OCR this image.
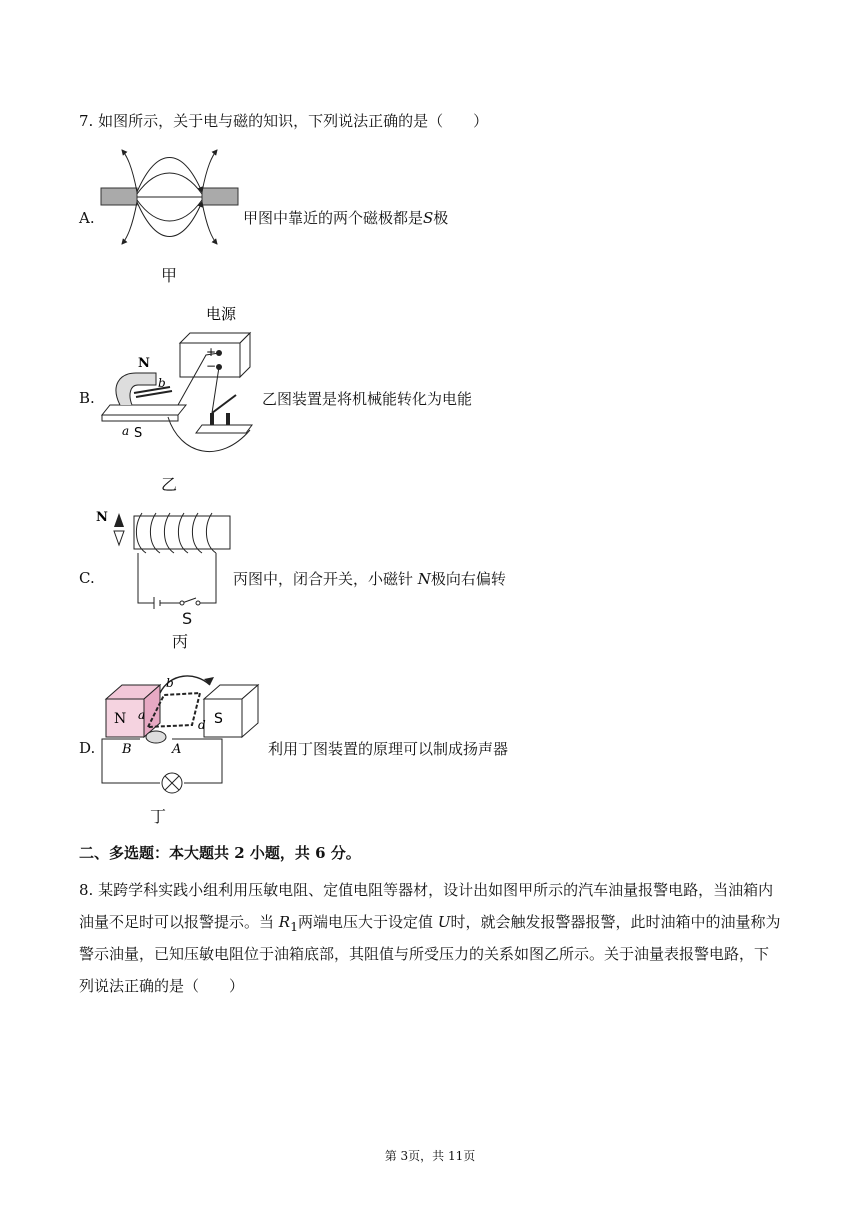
7. 如图所示，关于电与磁的知识，下列说法正确的是（　　）
A.	甲图中靠近的两个磁极都是S极
甲
B.
电源
+
−
N
b
a S
乙图装置是将机械能转化为电能
乙
C.
N
S
丙图中，闭合开关，小磁针 N极向右偏转
丙
D.
N	S
b
a
d
B	A	利用丁图装置的原理可以制成扬声器
丁
二、多选题：本大题共 2 小题，共 6 分。
8. 某跨学科实践小组利用压敏电阻、定值电阻等器材，设计出如图甲所示的汽车油量报警电路，当油箱内
油量不足时可以报警提示。当 $R_1$两端电压大于设定值 U时，就会触发报警器报警，此时油箱中的油量称为
警示油量，已知压敏电阻位于油箱底部，其阻值与所受压力的关系如图乙所示。关于油量表报警电路，下
列说法正确的是（　　）
第 3页，共 11页
